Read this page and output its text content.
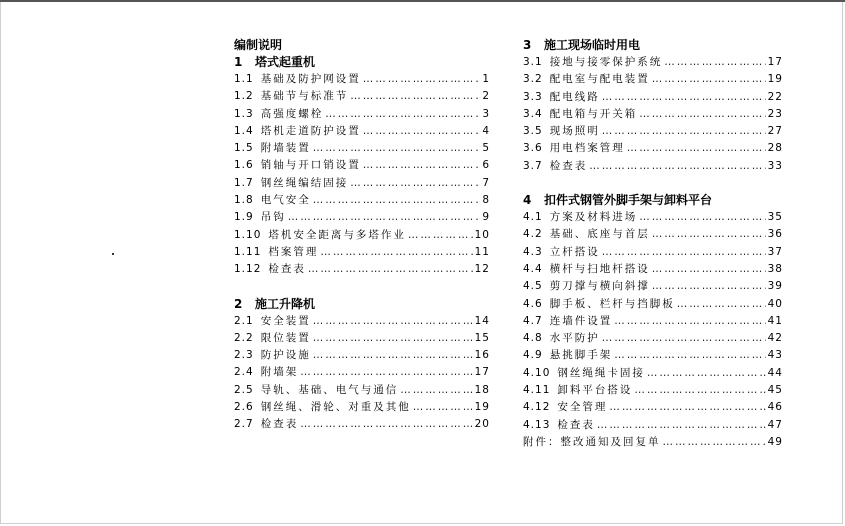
编制说明
1 塔式起重机
1.1 基础及防护网设置 ……………………………………………………………………	1
1.2 基础节与标准节 ……………………………………………………………………	2
1.3 高强度螺栓 ……………………………………………………………………	3
1.4 塔机走道防护设置 ……………………………………………………………………	4
1.5 附墙装置 ……………………………………………………………………	5
1.6 销轴与开口销设置 ……………………………………………………………………	6
1.7 钢丝绳编结固接 ……………………………………………………………………	7
1.8 电气安全 ……………………………………………………………………	8
1.9 吊钩 ……………………………………………………………………	9
1.10 塔机安全距离与多塔作业 ……………………………………………………………………	10
1.11 档案管理 ……………………………………………………………………	11
1.12 检查表 ……………………………………………………………………	12
2 施工升降机
2.1 安全装置 ……………………………………………………………………	14
2.2 限位装置 ……………………………………………………………………	15
2.3 防护设施 ……………………………………………………………………	16
2.4 附墙架 ……………………………………………………………………	17
2.5 导轨、基础、电气与通信 ……………………………………………………………………	18
2.6 钢丝绳、滑轮、对重及其他 ……………………………………………………………………	19
2.7 检查表 ……………………………………………………………………	20
3 施工现场临时用电
3.1 接地与接零保护系统 ……………………………………………………………………	17
3.2 配电室与配电装置 ……………………………………………………………………	19
3.3 配电线路 ……………………………………………………………………	22
3.4 配电箱与开关箱 ……………………………………………………………………	23
3.5 现场照明 ……………………………………………………………………	27
3.6 用电档案管理 ……………………………………………………………………	28
3.7 检查表 ……………………………………………………………………	33
4 扣件式钢管外脚手架与卸料平台
4.1 方案及材料进场 ……………………………………………………………………	35
4.2 基础、底座与首层 ……………………………………………………………………	36
4.3 立杆搭设 ……………………………………………………………………	37
4.4 横杆与扫地杆搭设 ……………………………………………………………………	38
4.5 剪刀撑与横向斜撑 ……………………………………………………………………	39
4.6 脚手板、栏杆与挡脚板 ……………………………………………………………………	40
4.7 连墙件设置 ……………………………………………………………………	41
4.8 水平防护 ……………………………………………………………………	42
4.9 悬挑脚手架 ……………………………………………………………………	43
4.10 钢丝绳绳卡固接 ……………………………………………………………………	44
4.11 卸料平台搭设 ……………………………………………………………………	45
4.12 安全管理 ……………………………………………………………………	46
4.13 检查表 ……………………………………………………………………	47
附件：整改通知及回复单 ……………………………………………………………………	49
